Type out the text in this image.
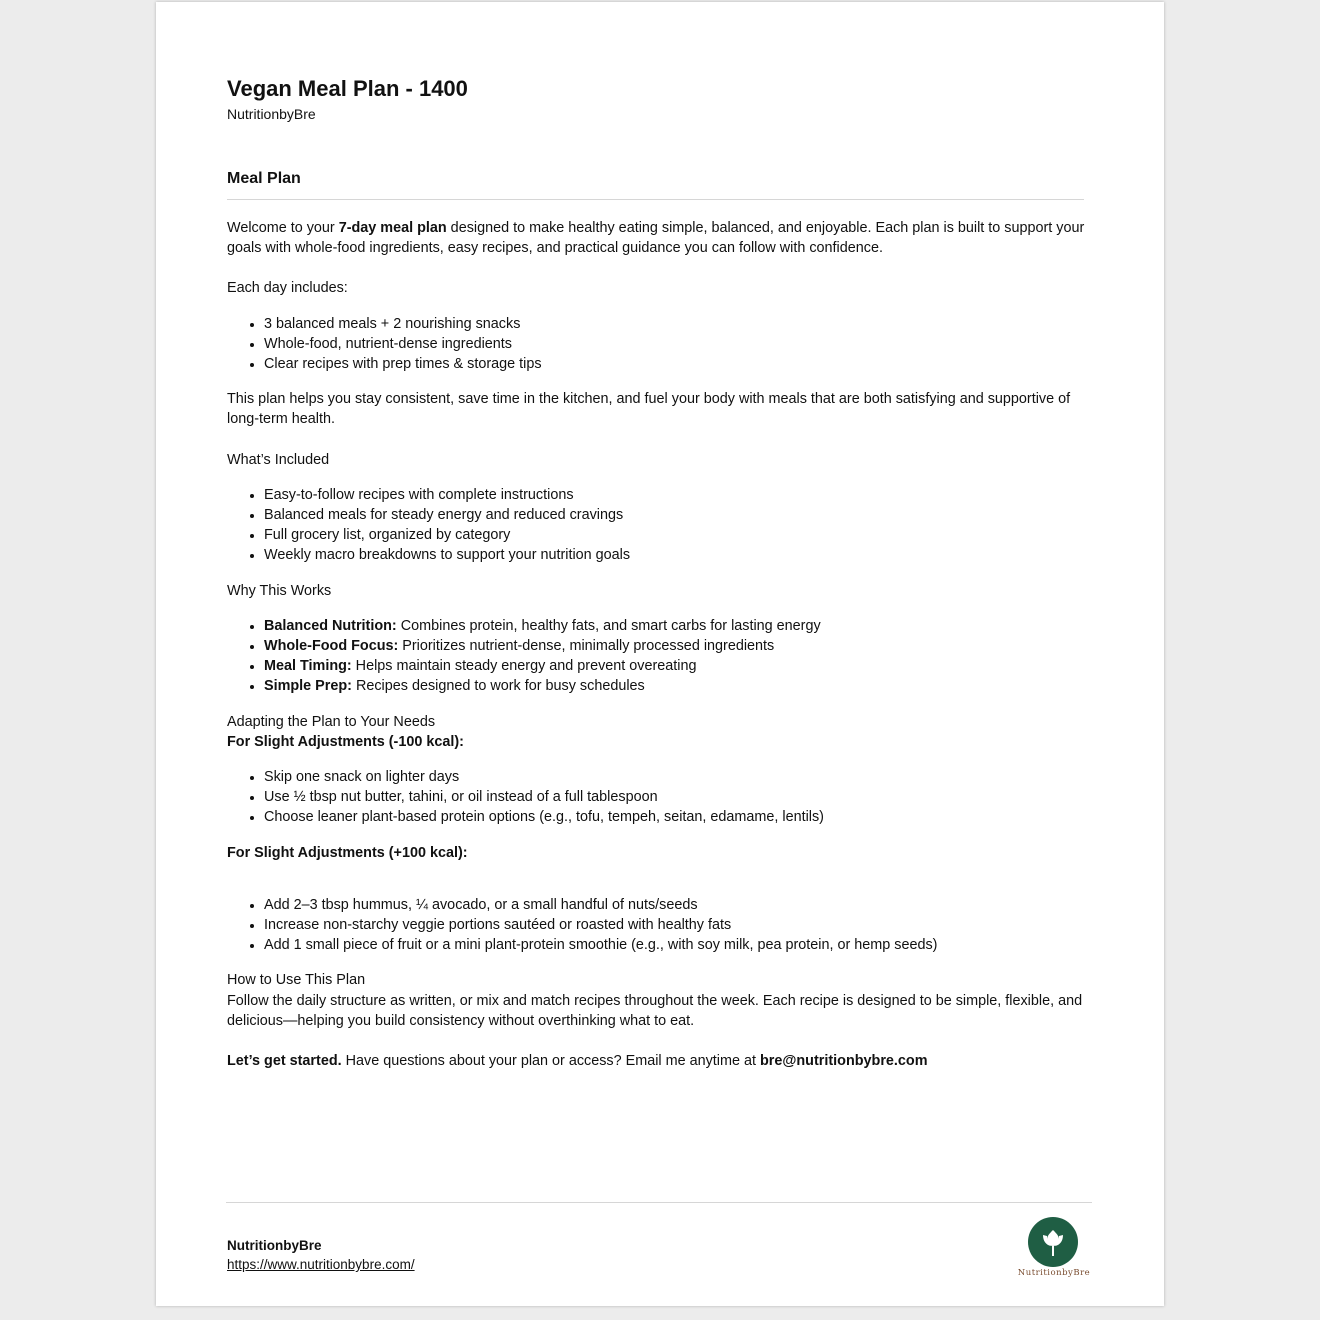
Vegan Meal Plan - 1400
NutritionbyBre
Meal Plan

Welcome to your 7-day meal plan designed to make healthy eating simple, balanced, and enjoyable. Each plan is built to support your goals with whole-food ingredients, easy recipes, and practical guidance you can follow with confidence.

Each day includes:

• 3 balanced meals + 2 nourishing snacks
• Whole-food, nutrient-dense ingredients
• Clear recipes with prep times & storage tips

This plan helps you stay consistent, save time in the kitchen, and fuel your body with meals that are both satisfying and supportive of long-term health.

What’s Included

• Easy-to-follow recipes with complete instructions
• Balanced meals for steady energy and reduced cravings
• Full grocery list, organized by category
• Weekly macro breakdowns to support your nutrition goals

Why This Works

• Balanced Nutrition: Combines protein, healthy fats, and smart carbs for lasting energy
• Whole-Food Focus: Prioritizes nutrient-dense, minimally processed ingredients
• Meal Timing: Helps maintain steady energy and prevent overeating
• Simple Prep: Recipes designed to work for busy schedules

Adapting the Plan to Your Needs

For Slight Adjustments (-100 kcal):

• Skip one snack on lighter days
• Use ½ tbsp nut butter, tahini, or oil instead of a full tablespoon
• Choose leaner plant-based protein options (e.g., tofu, tempeh, seitan, edamame, lentils)

For Slight Adjustments (+100 kcal):

• Add 2–3 tbsp hummus, ¼ avocado, or a small handful of nuts/seeds
• Increase non-starchy veggie portions sautéed or roasted with healthy fats
• Add 1 small piece of fruit or a mini plant-protein smoothie (e.g., with soy milk, pea protein, or hemp seeds)

How to Use This Plan

Follow the daily structure as written, or mix and match recipes throughout the week. Each recipe is designed to be simple, flexible, and delicious—helping you build consistency without overthinking what to eat.

Let’s get started. Have questions about your plan or access? Email me anytime at bre@nutritionbybre.com

NutritionbyBre
https://www.nutritionbybre.com/
NutritionbyBre
